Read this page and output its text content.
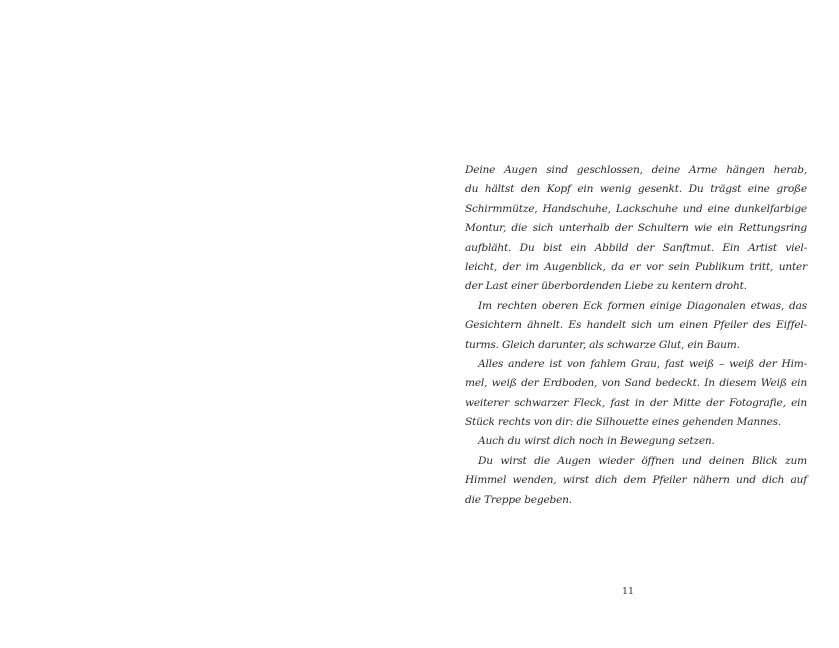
Deine Augen sind geschlossen, deine Arme hängen herab,
du hältst den Kopf ein wenig gesenkt. Du trägst eine große
Schirmmütze, Handschuhe, Lackschuhe und eine dunkelfarbige
Montur, die sich unterhalb der Schultern wie ein Rettungsring
aufbläht. Du bist ein Abbild der Sanftmut. Ein Artist viel-
leicht, der im Augenblick, da er vor sein Publikum tritt, unter
der Last einer überbordenden Liebe zu kentern droht.
Im rechten oberen Eck formen einige Diagonalen etwas, das
Gesichtern ähnelt. Es handelt sich um einen Pfeiler des Eiffel-
turms. Gleich darunter, als schwarze Glut, ein Baum.
Alles andere ist von fahlem Grau, fast weiß – weiß der Him-
mel, weiß der Erdboden, von Sand bedeckt. In diesem Weiß ein
weiterer schwarzer Fleck, fast in der Mitte der Fotografie, ein
Stück rechts von dir: die Silhouette eines gehenden Mannes.
Auch du wirst dich noch in Bewegung setzen.
Du wirst die Augen wieder öffnen und deinen Blick zum
Himmel wenden, wirst dich dem Pfeiler nähern und dich auf
die Treppe begeben.
11
